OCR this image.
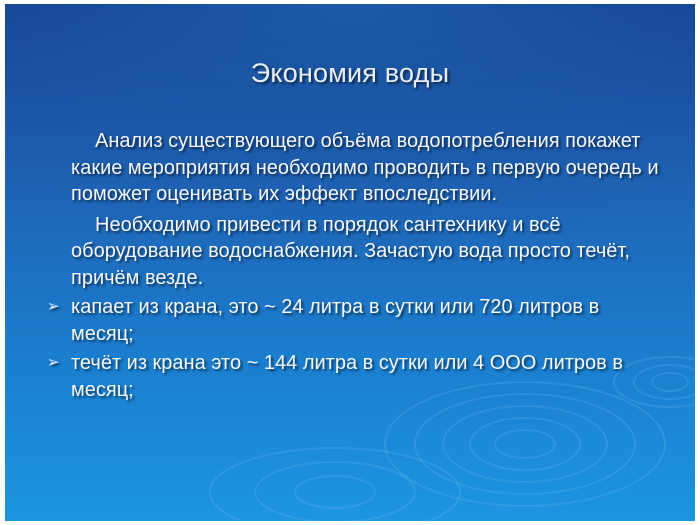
Экономия воды

Анализ существующего объёма водопотребления покажет какие мероприятия необходимо проводить в первую очередь и поможет оценивать их эффект впоследствии.

Необходимо привести в порядок сантехнику и всё оборудование водоснабжения. Зачастую вода просто течёт, причём везде.

➢ капает из крана, это ~ 24 литра в сутки или 720 литров в месяц;
➢ течёт из крана это ~ 144 литра в сутки или 4 ООО литров в месяц;
